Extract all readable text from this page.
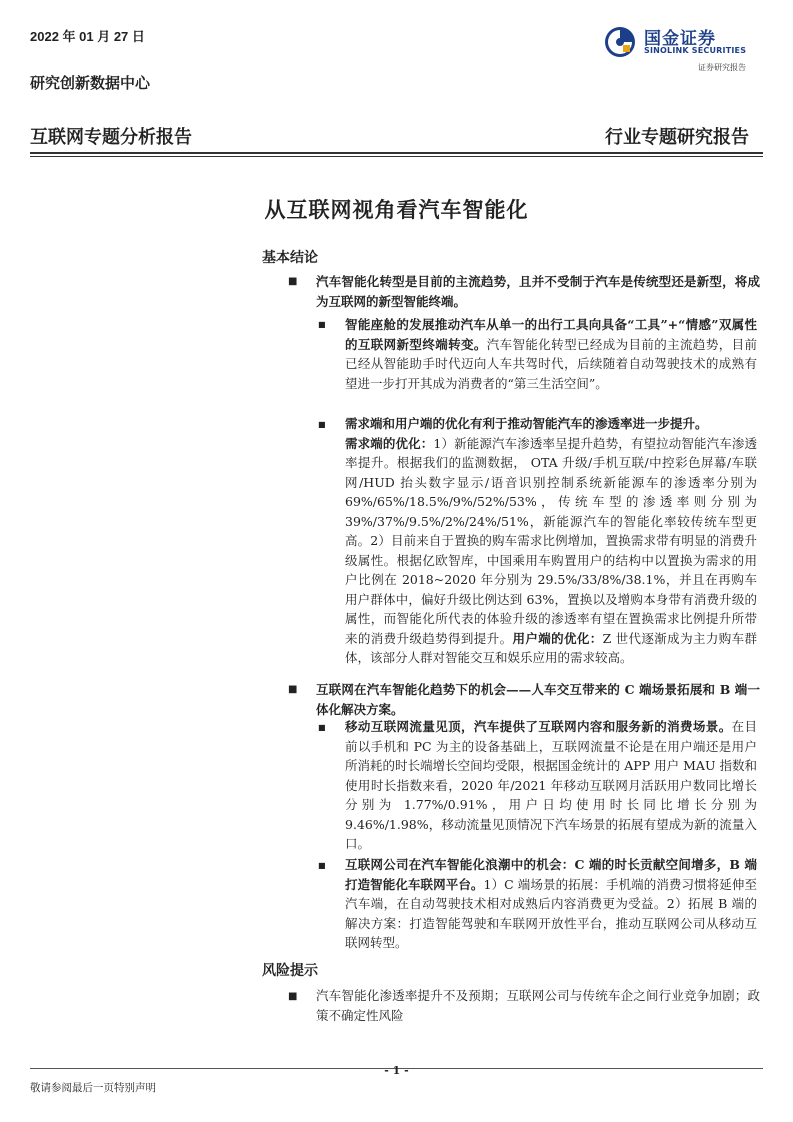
2022 年 01 月 27 日
研究创新数据中心
国金证券
SINOLINK SECURITIES
证券研究报告
互联网专题分析报告	行业专题研究报告
从互联网视角看汽车智能化
基本结论
■ 汽车智能化转型是目前的主流趋势，且并不受制于汽车是传统型还是新型，将成为互联网的新型智能终端。
■ 智能座舱的发展推动汽车从单一的出行工具向具备“工具”+“情感”双属性的互联网新型终端转变。汽车智能化转型已经成为目前的主流趋势，目前已经从智能助手时代迈向人车共驾时代，后续随着自动驾驶技术的成熟有望进一步打开其成为消费者的“第三生活空间”。
■ 需求端和用户端的优化有利于推动智能汽车的渗透率进一步提升。
需求端的优化：1）新能源汽车渗透率呈提升趋势，有望拉动智能汽车渗透率提升。根据我们的监测数据， OTA 升级/手机互联/中控彩色屏幕/车联网/HUD 抬头数字显示/语音识别控制系统新能源车的渗透率分别为 69%/65%/18.5%/9%/52%/53%，传统车型的渗透率则分别为 39%/37%/9.5%/2%/24%/51%，新能源汽车的智能化率较传统车型更高。2）目前来自于置换的购车需求比例增加，置换需求带有明显的消费升级属性。根据亿欧智库，中国乘用车购置用户的结构中以置换为需求的用户比例在 2018~2020 年分别为 29.5%/33/8%/38.1%，并且在再购车用户群体中，偏好升级比例达到 63%，置换以及增购本身带有消费升级的属性，而智能化所代表的体验升级的渗透率有望在置换需求比例提升所带来的消费升级趋势得到提升。用户端的优化：Z 世代逐渐成为主力购车群体，该部分人群对智能交互和娱乐应用的需求较高。
■ 互联网在汽车智能化趋势下的机会——人车交互带来的 C 端场景拓展和 B 端一体化解决方案。
■ 移动互联网流量见顶，汽车提供了互联网内容和服务新的消费场景。在目前以手机和 PC 为主的设备基础上，互联网流量不论是在用户端还是用户所消耗的时长端增长空间均受限，根据国金统计的 APP 用户 MAU 指数和使用时长指数来看，2020 年/2021 年移动互联网月活跃用户数同比增长分别为 1.77%/0.91%，用户日均使用时长同比增长分别为 9.46%/1.98%，移动流量见顶情况下汽车场景的拓展有望成为新的流量入口。
■ 互联网公司在汽车智能化浪潮中的机会：C 端的时长贡献空间增多，B 端打造智能化车联网平台。1）C 端场景的拓展：手机端的消费习惯将延伸至汽车端，在自动驾驶技术相对成熟后内容消费更为受益。2）拓展 B 端的解决方案：打造智能驾驶和车联网开放性平台，推动互联网公司从移动互联网转型。
风险提示
■ 汽车智能化渗透率提升不及预期；互联网公司与传统车企之间行业竞争加剧；政策不确定性风险
- 1 -
敬请参阅最后一页特别声明
